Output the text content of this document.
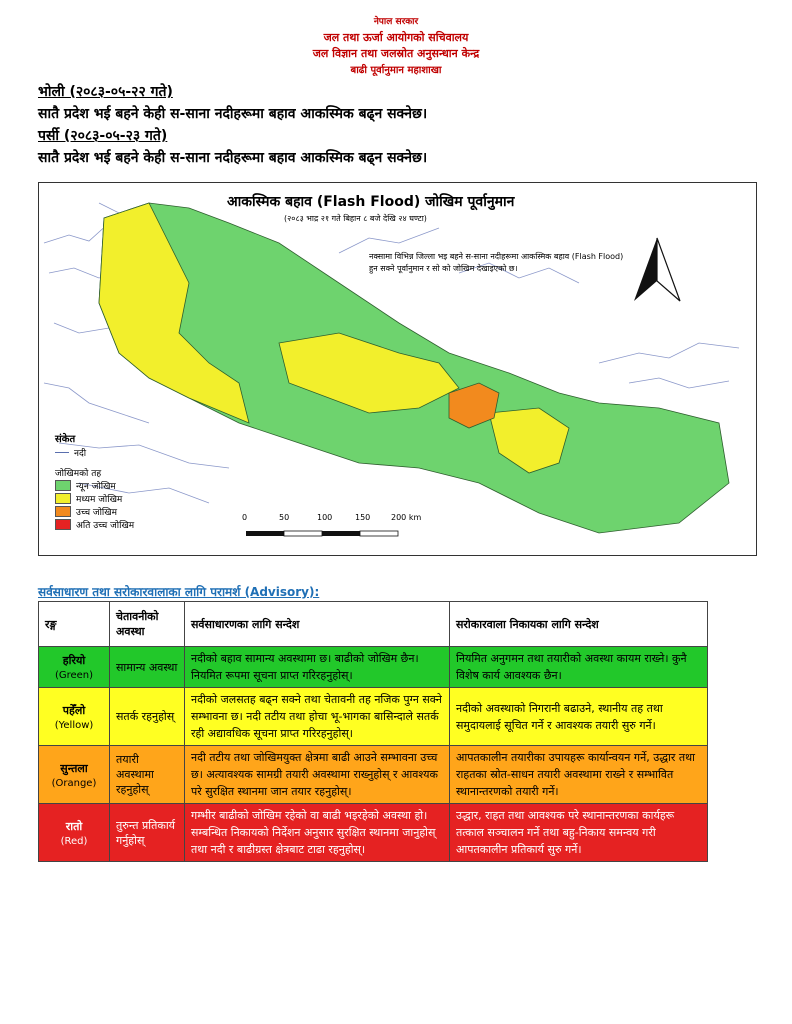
नेपाल सरकार
जल तथा ऊर्जा आयोगको सचिवालय
जल विज्ञान तथा जलस्रोत अनुसन्धान केन्द्र
बाढी पूर्वानुमान महाशाखा
भोली (२०८३-०५-२२ गते)
सातै प्रदेश भई बहने केही स-साना नदीहरूमा बहाव आकस्मिक बढ्न सक्नेछ।
पर्सी (२०८३-०५-२३ गते)
सातै प्रदेश भई बहने केही स-साना नदीहरूमा बहाव आकस्मिक बढ्न सक्नेछ।
आकस्मिक बहाव (Flash Flood) जोखिम पूर्वानुमान
(२०८३ भाद्र २१ गते बिहान ८ बजे देखि २४ घण्टा)
नक्सामा विभिन्न जिल्ला भइ बहने स-साना नदीहरूमा आकस्मिक बहाव (Flash Flood) हुन सक्ने पूर्वानुमान र सो को जोखिम देखाइएको छ।
संकेत
नदी
जोखिमको तह
न्यून जोखिम
मध्यम जोखिम
उच्च जोखिम
अति उच्च जोखिम
0	50	100	150	200 km
सर्वसाधारण तथा सरोकारवालाका लागि परामर्श (Advisory):
रङ्ग	चेतावनीको अवस्था	सर्वसाधारणका लागि सन्देश	सरोकारवाला निकायका लागि सन्देश
हरियो
(Green)	सामान्य अवस्था	नदीको बहाव सामान्य अवस्थामा छ। बाढीको जोखिम छैन। नियमित रूपमा सूचना प्राप्त गरिरहनुहोस्।	नियमित अनुगमन तथा तयारीको अवस्था कायम राख्ने। कुनै विशेष कार्य आवश्यक छैन।
पहेँलो
(Yellow)	सतर्क रहनुहोस्	नदीको जलसतह बढ्न सक्ने तथा चेतावनी तह नजिक पुग्न सक्ने सम्भावना छ। नदी तटीय तथा होचा भू-भागका बासिन्दाले सतर्क रही अद्यावधिक सूचना प्राप्त गरिरहनुहोस्।	नदीको अवस्थाको निगरानी बढाउने, स्थानीय तह तथा समुदायलाई सूचित गर्ने र आवश्यक तयारी सुरु गर्ने।
सुन्तला
(Orange)	तयारी अवस्थामा रहनुहोस्	नदी तटीय तथा जोखिमयुक्त क्षेत्रमा बाढी आउने सम्भावना उच्च छ। अत्यावश्यक सामग्री तयारी अवस्थामा राख्नुहोस् र आवश्यक परे सुरक्षित स्थानमा जान तयार रहनुहोस्।	आपतकालीन तयारीका उपायहरू कार्यान्वयन गर्ने, उद्धार तथा राहतका स्रोत-साधन तयारी अवस्थामा राख्ने र सम्भावित स्थानान्तरणको तयारी गर्ने।
रातो
(Red)	तुरुन्त प्रतिकार्य गर्नुहोस्	गम्भीर बाढीको जोखिम रहेको वा बाढी भइरहेको अवस्था हो। सम्बन्धित निकायको निर्देशन अनुसार सुरक्षित स्थानमा जानुहोस् तथा नदी र बाढीग्रस्त क्षेत्रबाट टाढा रहनुहोस्।	उद्धार, राहत तथा आवश्यक परे स्थानान्तरणका कार्यहरू तत्काल सञ्चालन गर्ने तथा बहु-निकाय समन्वय गरी आपतकालीन प्रतिकार्य सुरु गर्ने।
